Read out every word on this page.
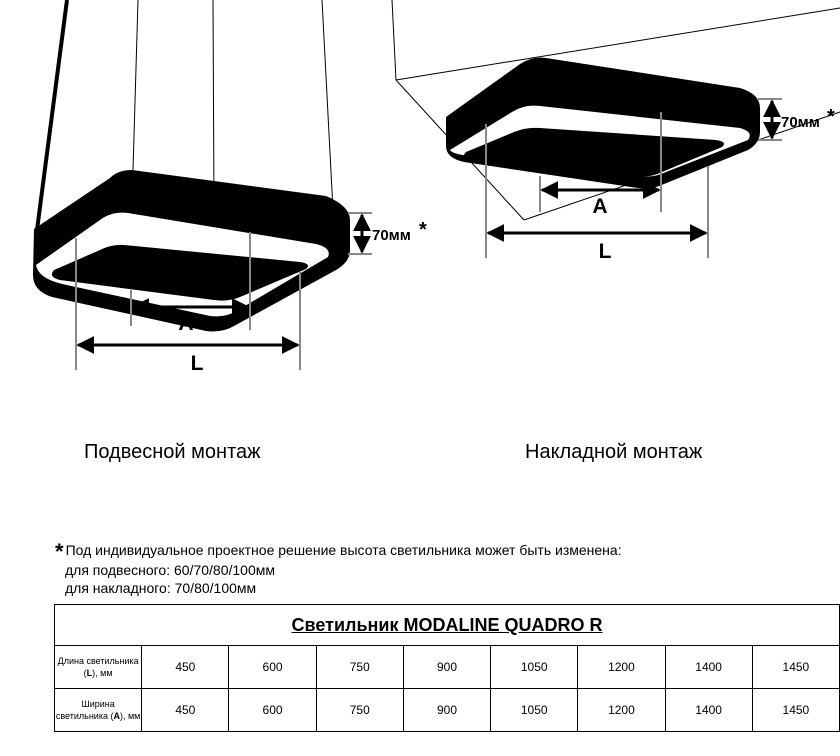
A
L
70мм *
A
L
70мм *
Подвесной монтаж	Накладной монтаж
* Под индивидуальное проектное решение высота светильника может быть изменена:
для подвесного: 60/70/80/100мм
для накладного: 70/80/100мм
Светильник MODALINE QUADRO R								
Длина светильника (L), мм	450	600	750	900	1050	1200	1400	1450
Ширина светильника (A), мм	450	600	750	900	1050	1200	1400	1450
